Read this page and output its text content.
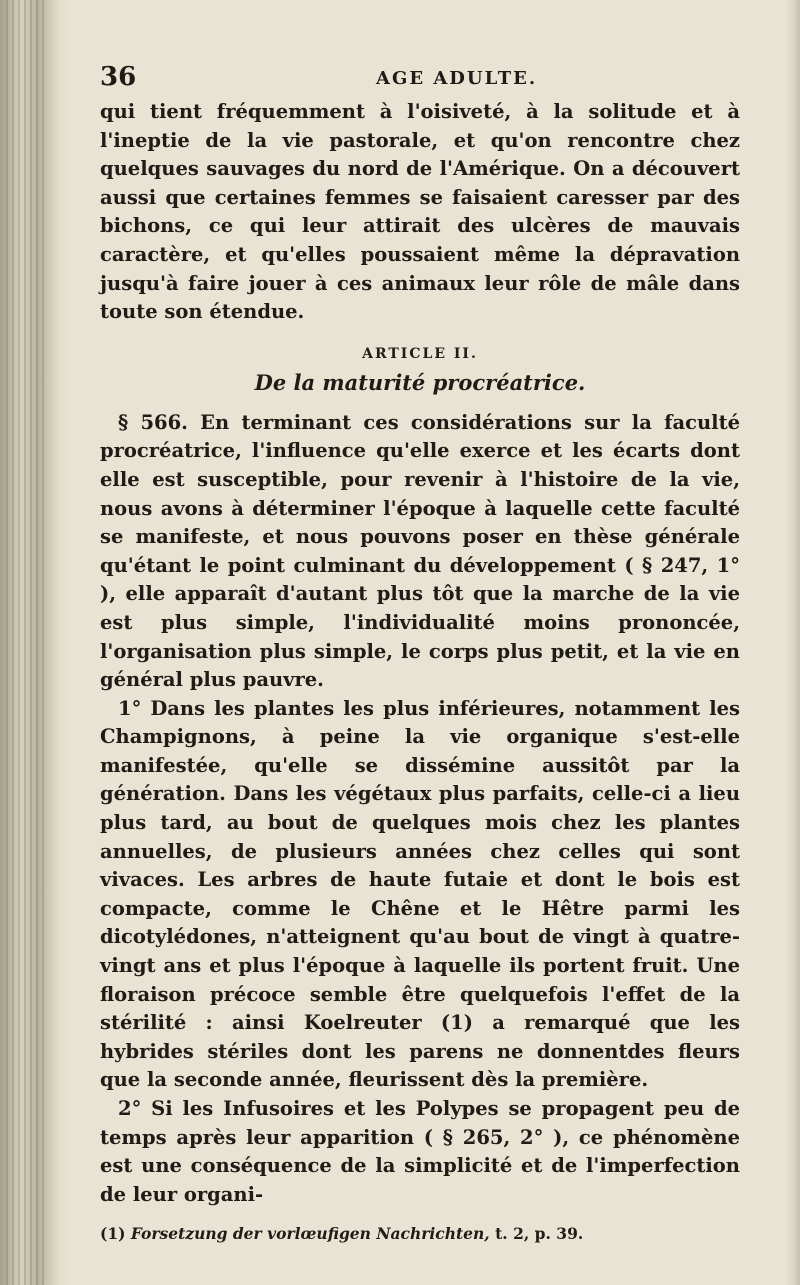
36	AGE ADULTE.

qui tient fréquemment à l'oisiveté, à la solitude et à l'ineptie de la vie pastorale, et qu'on rencontre chez quelques sauvages du nord de l'Amérique. On a découvert aussi que certaines femmes se faisaient caresser par des bichons, ce qui leur attirait des ulcères de mauvais caractère, et qu'elles poussaient même la dépravation jusqu'à faire jouer à ces animaux leur rôle de mâle dans toute son étendue.

ARTICLE II.

De la maturité procréatrice.

§ 566. En terminant ces considérations sur la faculté procréatrice, l'influence qu'elle exerce et les écarts dont elle est susceptible, pour revenir à l'histoire de la vie, nous avons à déterminer l'époque à laquelle cette faculté se manifeste, et nous pouvons poser en thèse générale qu'étant le point culminant du développement ( § 247, 1° ), elle apparaît d'autant plus tôt que la marche de la vie est plus simple, l'individualité moins prononcée, l'organisation plus simple, le corps plus petit, et la vie en général plus pauvre.

1° Dans les plantes les plus inférieures, notamment les Champignons, à peine la vie organique s'est-elle manifestée, qu'elle se dissémine aussitôt par la génération. Dans les végétaux plus parfaits, celle-ci a lieu plus tard, au bout de quelques mois chez les plantes annuelles, de plusieurs années chez celles qui sont vivaces. Les arbres de haute futaie et dont le bois est compacte, comme le Chêne et le Hêtre parmi les dicotylédones, n'atteignent qu'au bout de vingt à quatre-vingt ans et plus l'époque à laquelle ils portent fruit. Une floraison précoce semble être quelquefois l'effet de la stérilité : ainsi Koelreuter (1) a remarqué que les hybrides stériles dont les parens ne donnentdes fleurs que la seconde année, fleurissent dès la première.

2° Si les Infusoires et les Polypes se propagent peu de temps après leur apparition ( § 265, 2° ), ce phénomène est une conséquence de la simplicité et de l'imperfection de leur organi-

(1) Forsetzung der vorlœufigen Nachrichten, t. 2, p. 39.
